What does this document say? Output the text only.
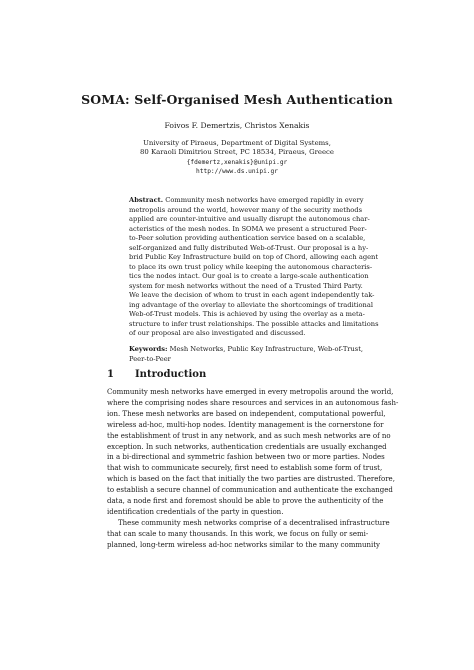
SOMA: Self-Organised Mesh Authentication
Foivos F. Demertzis, Christos Xenakis
University of Piraeus, Department of Digital Systems,
80 Karaoli Dimitriou Street, PC 18534, Piraeus, Greece
{fdemertz,xenakis}@unipi.gr
http://www.ds.unipi.gr
Abstract. Community mesh networks have emerged rapidly in every
metropolis around the world, however many of the security methods
applied are counter-intuitive and usually disrupt the autonomous char-
acteristics of the mesh nodes. In SOMA we present a structured Peer-
to-Peer solution providing authentication service based on a scalable,
self-organized and fully distributed Web-of-Trust. Our proposal is a hy-
brid Public Key Infrastructure build on top of Chord, allowing each agent
to place its own trust policy while keeping the autonomous characteris-
tics the nodes intact. Our goal is to create a large-scale authentication
system for mesh networks without the need of a Trusted Third Party.
We leave the decision of whom to trust in each agent independently tak-
ing advantage of the overlay to alleviate the shortcomings of traditional
Web-of-Trust models. This is achieved by using the overlay as a meta-
structure to infer trust relationships. The possible attacks and limitations
of our proposal are also investigated and discussed.
Keywords: Mesh Networks, Public Key Infrastructure, Web-of-Trust,
Peer-to-Peer
1 Introduction
Community mesh networks have emerged in every metropolis around the world,
where the comprising nodes share resources and services in an autonomous fash-
ion. These mesh networks are based on independent, computational powerful,
wireless ad-hoc, multi-hop nodes. Identity management is the cornerstone for
the establishment of trust in any network, and as such mesh networks are of no
exception. In such networks, authentication credentials are usually exchanged
in a bi-directional and symmetric fashion between two or more parties. Nodes
that wish to communicate securely, first need to establish some form of trust,
which is based on the fact that initially the two parties are distrusted. Therefore,
to establish a secure channel of communication and authenticate the exchanged
data, a node first and foremost should be able to prove the authenticity of the
identification credentials of the party in question.
These community mesh networks comprise of a decentralised infrastructure
that can scale to many thousands. In this work, we focus on fully or semi-
planned, long-term wireless ad-hoc networks similar to the many community
